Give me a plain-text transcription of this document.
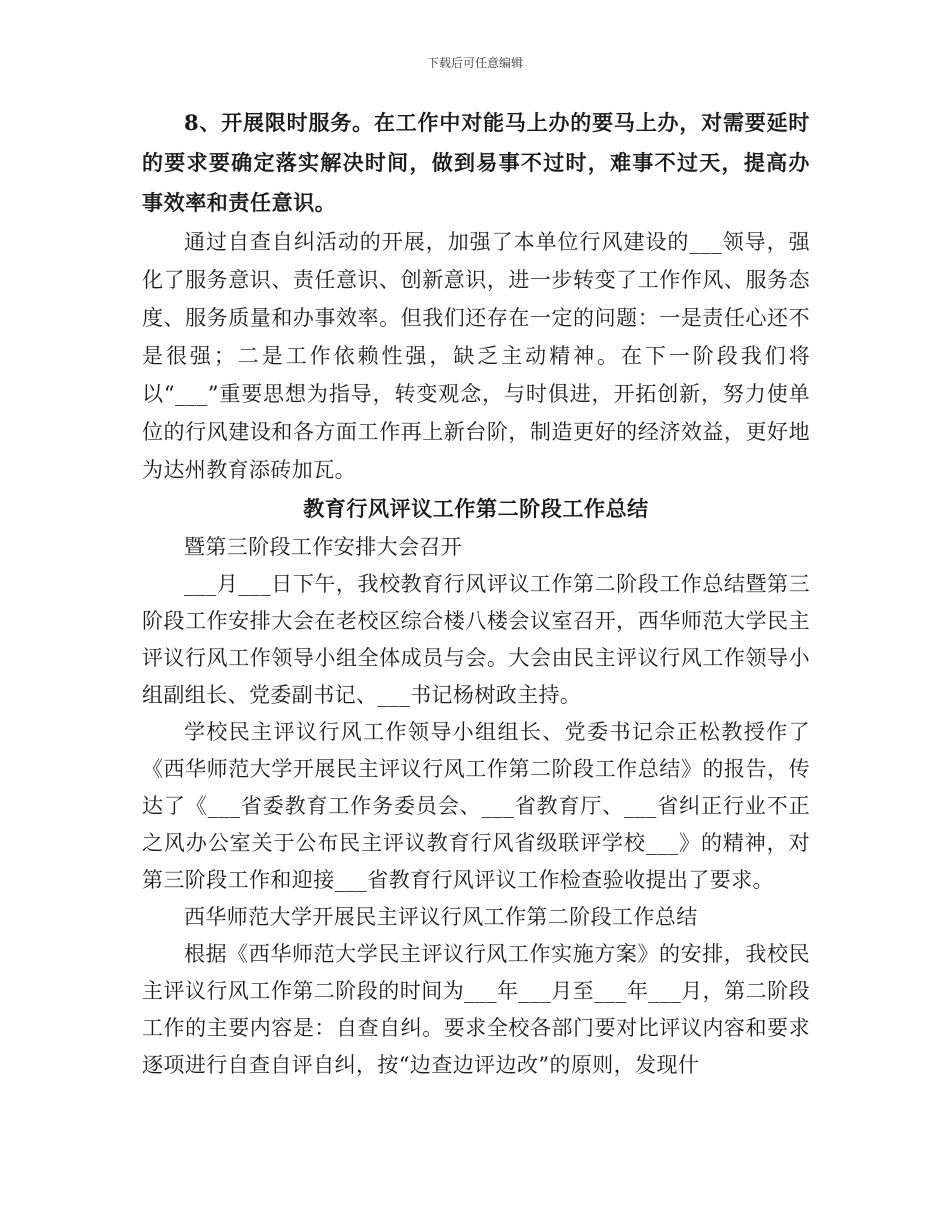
下载后可任意编辑

8、开展限时服务。在工作中对能马上办的要马上办，对需要延时的要求要确定落实解决时间，做到易事不过时，难事不过天，提高办事效率和责任意识。

通过自查自纠活动的开展，加强了本单位行风建设的___领导，强化了服务意识、责任意识、创新意识，进一步转变了工作作风、服务态度、服务质量和办事效率。但我们还存在一定的问题：一是责任心还不是很强；二是工作依赖性强，缺乏主动精神。在下一阶段我们将以“___”重要思想为指导，转变观念，与时俱进，开拓创新，努力使单位的行风建设和各方面工作再上新台阶，制造更好的经济效益，更好地为达州教育添砖加瓦。

教育行风评议工作第二阶段工作总结

暨第三阶段工作安排大会召开

___月___日下午，我校教育行风评议工作第二阶段工作总结暨第三阶段工作安排大会在老校区综合楼八楼会议室召开，西华师范大学民主评议行风工作领导小组全体成员与会。大会由民主评议行风工作领导小组副组长、党委副书记、___书记杨树政主持。

学校民主评议行风工作领导小组组长、党委书记佘正松教授作了《西华师范大学开展民主评议行风工作第二阶段工作总结》的报告，传达了《___省委教育工作务委员会、___省教育厅、___省纠正行业不正之风办公室关于公布民主评议教育行风省级联评学校___》的精神，对第三阶段工作和迎接___省教育行风评议工作检查验收提出了要求。

西华师范大学开展民主评议行风工作第二阶段工作总结

根据《西华师范大学民主评议行风工作实施方案》的安排，我校民主评议行风工作第二阶段的时间为___年___月至___年___月，第二阶段工作的主要内容是：自查自纠。要求全校各部门要对比评议内容和要求逐项进行自查自评自纠，按“边查边评边改”的原则，发现什
